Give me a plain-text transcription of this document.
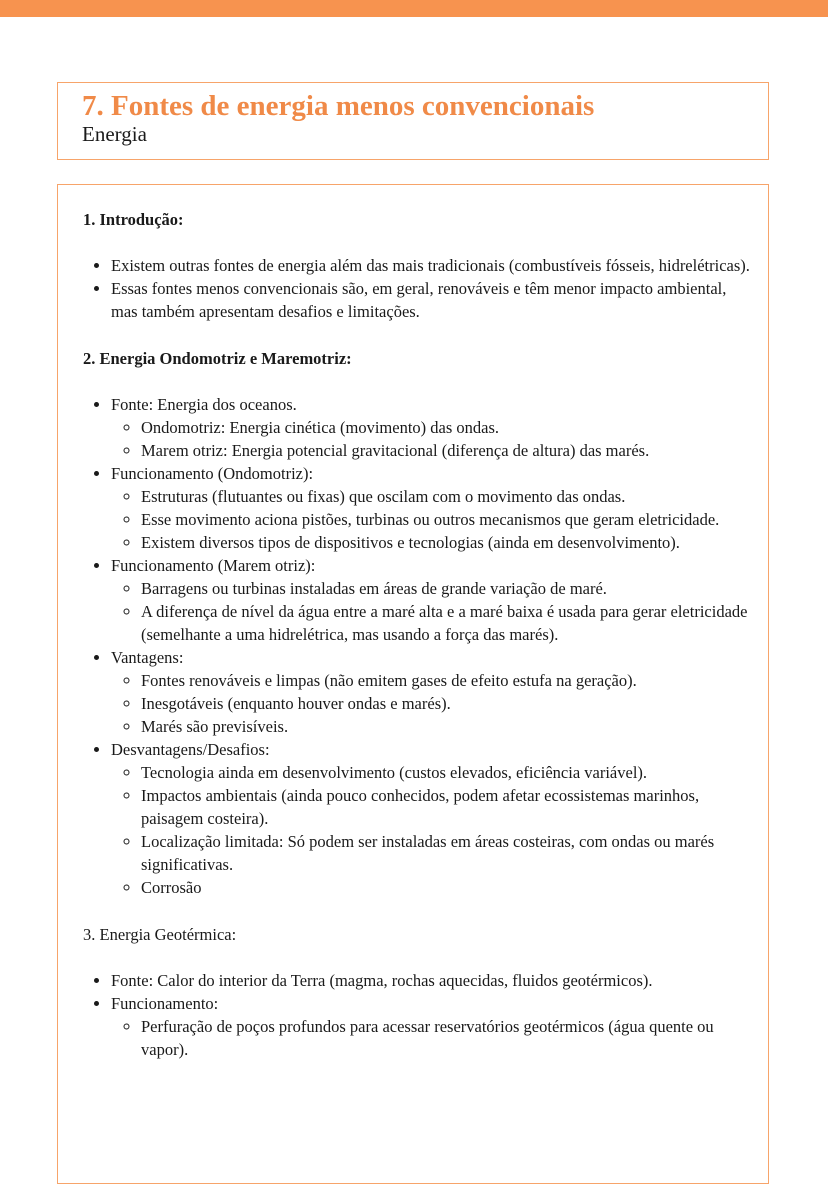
7. Fontes de energia menos convencionais
Energia
1. Introdução:
• Existem outras fontes de energia além das mais tradicionais (combustíveis fósseis, hidrelétricas).
• Essas fontes menos convencionais são, em geral, renováveis e têm menor impacto ambiental, mas também apresentam desafios e limitações.
2. Energia Ondomotriz e Maremotriz:
• Fonte: Energia dos oceanos.
◦ Ondomotriz: Energia cinética (movimento) das ondas.
◦ Marem otriz: Energia potencial gravitacional (diferença de altura) das marés.
• Funcionamento (Ondomotriz):
◦ Estruturas (flutuantes ou fixas) que oscilam com o movimento das ondas.
◦ Esse movimento aciona pistões, turbinas ou outros mecanismos que geram eletricidade.
◦ Existem diversos tipos de dispositivos e tecnologias (ainda em desenvolvimento).
• Funcionamento (Marem otriz):
◦ Barragens ou turbinas instaladas em áreas de grande variação de maré.
◦ A diferença de nível da água entre a maré alta e a maré baixa é usada para gerar eletricidade (semelhante a uma hidrelétrica, mas usando a força das marés).
• Vantagens:
◦ Fontes renováveis e limpas (não emitem gases de efeito estufa na geração).
◦ Inesgotáveis (enquanto houver ondas e marés).
◦ Marés são previsíveis.
• Desvantagens/Desafios:
◦ Tecnologia ainda em desenvolvimento (custos elevados, eficiência variável).
◦ Impactos ambientais (ainda pouco conhecidos, podem afetar ecossistemas marinhos, paisagem costeira).
◦ Localização limitada: Só podem ser instaladas em áreas costeiras, com ondas ou marés significativas.
◦ Corrosão
3. Energia Geotérmica:
• Fonte: Calor do interior da Terra (magma, rochas aquecidas, fluidos geotérmicos).
• Funcionamento:
◦ Perfuração de poços profundos para acessar reservatórios geotérmicos (água quente ou vapor).
